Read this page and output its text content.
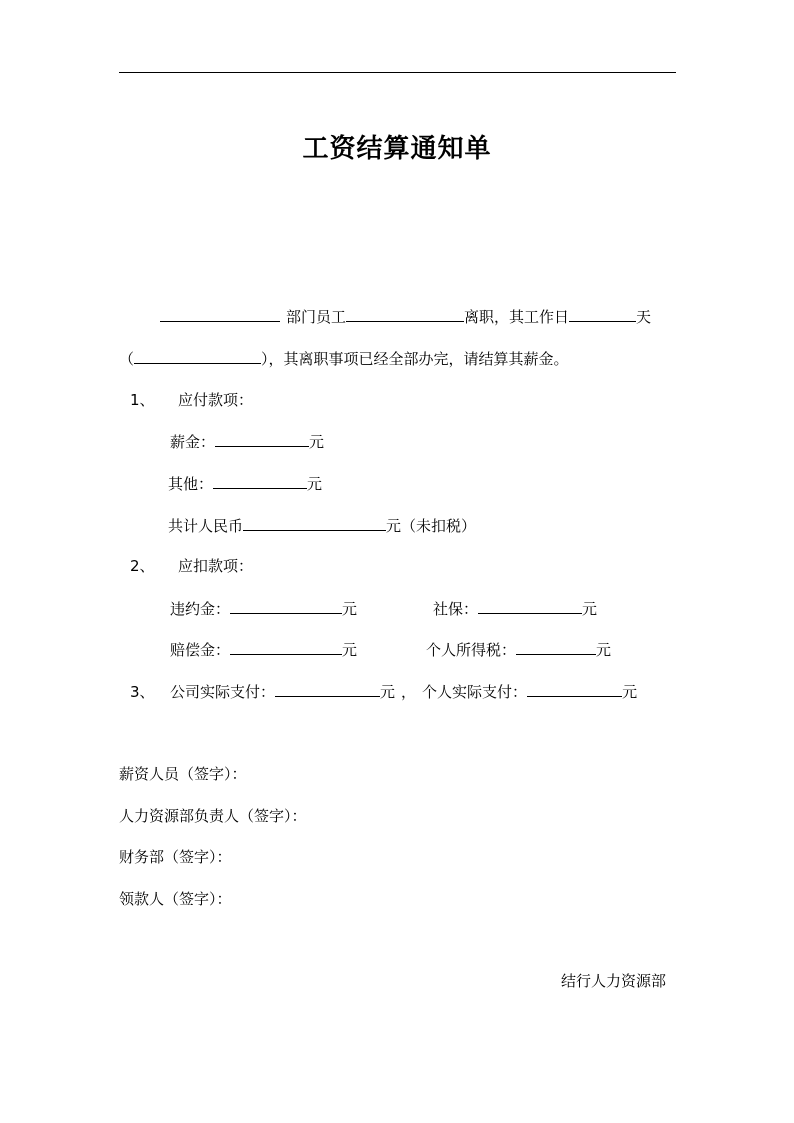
工资结算通知单
部门员工	离职，其工作日	天
（	），其离职事项已经全部办完，请结算其薪金。
1、 应付款项：
薪金：	元
其他：	元
共计人民币	元（未扣税）
2、 应扣款项：
违约金：	元	社保：	元
赔偿金：	元	个人所得税：	元
3、 公司实际支付：	元 ， 个人实际支付：	元
薪资人员（签字）：
人力资源部负责人（签字）：
财务部（签字）：
领款人（签字）：
结行人力资源部
